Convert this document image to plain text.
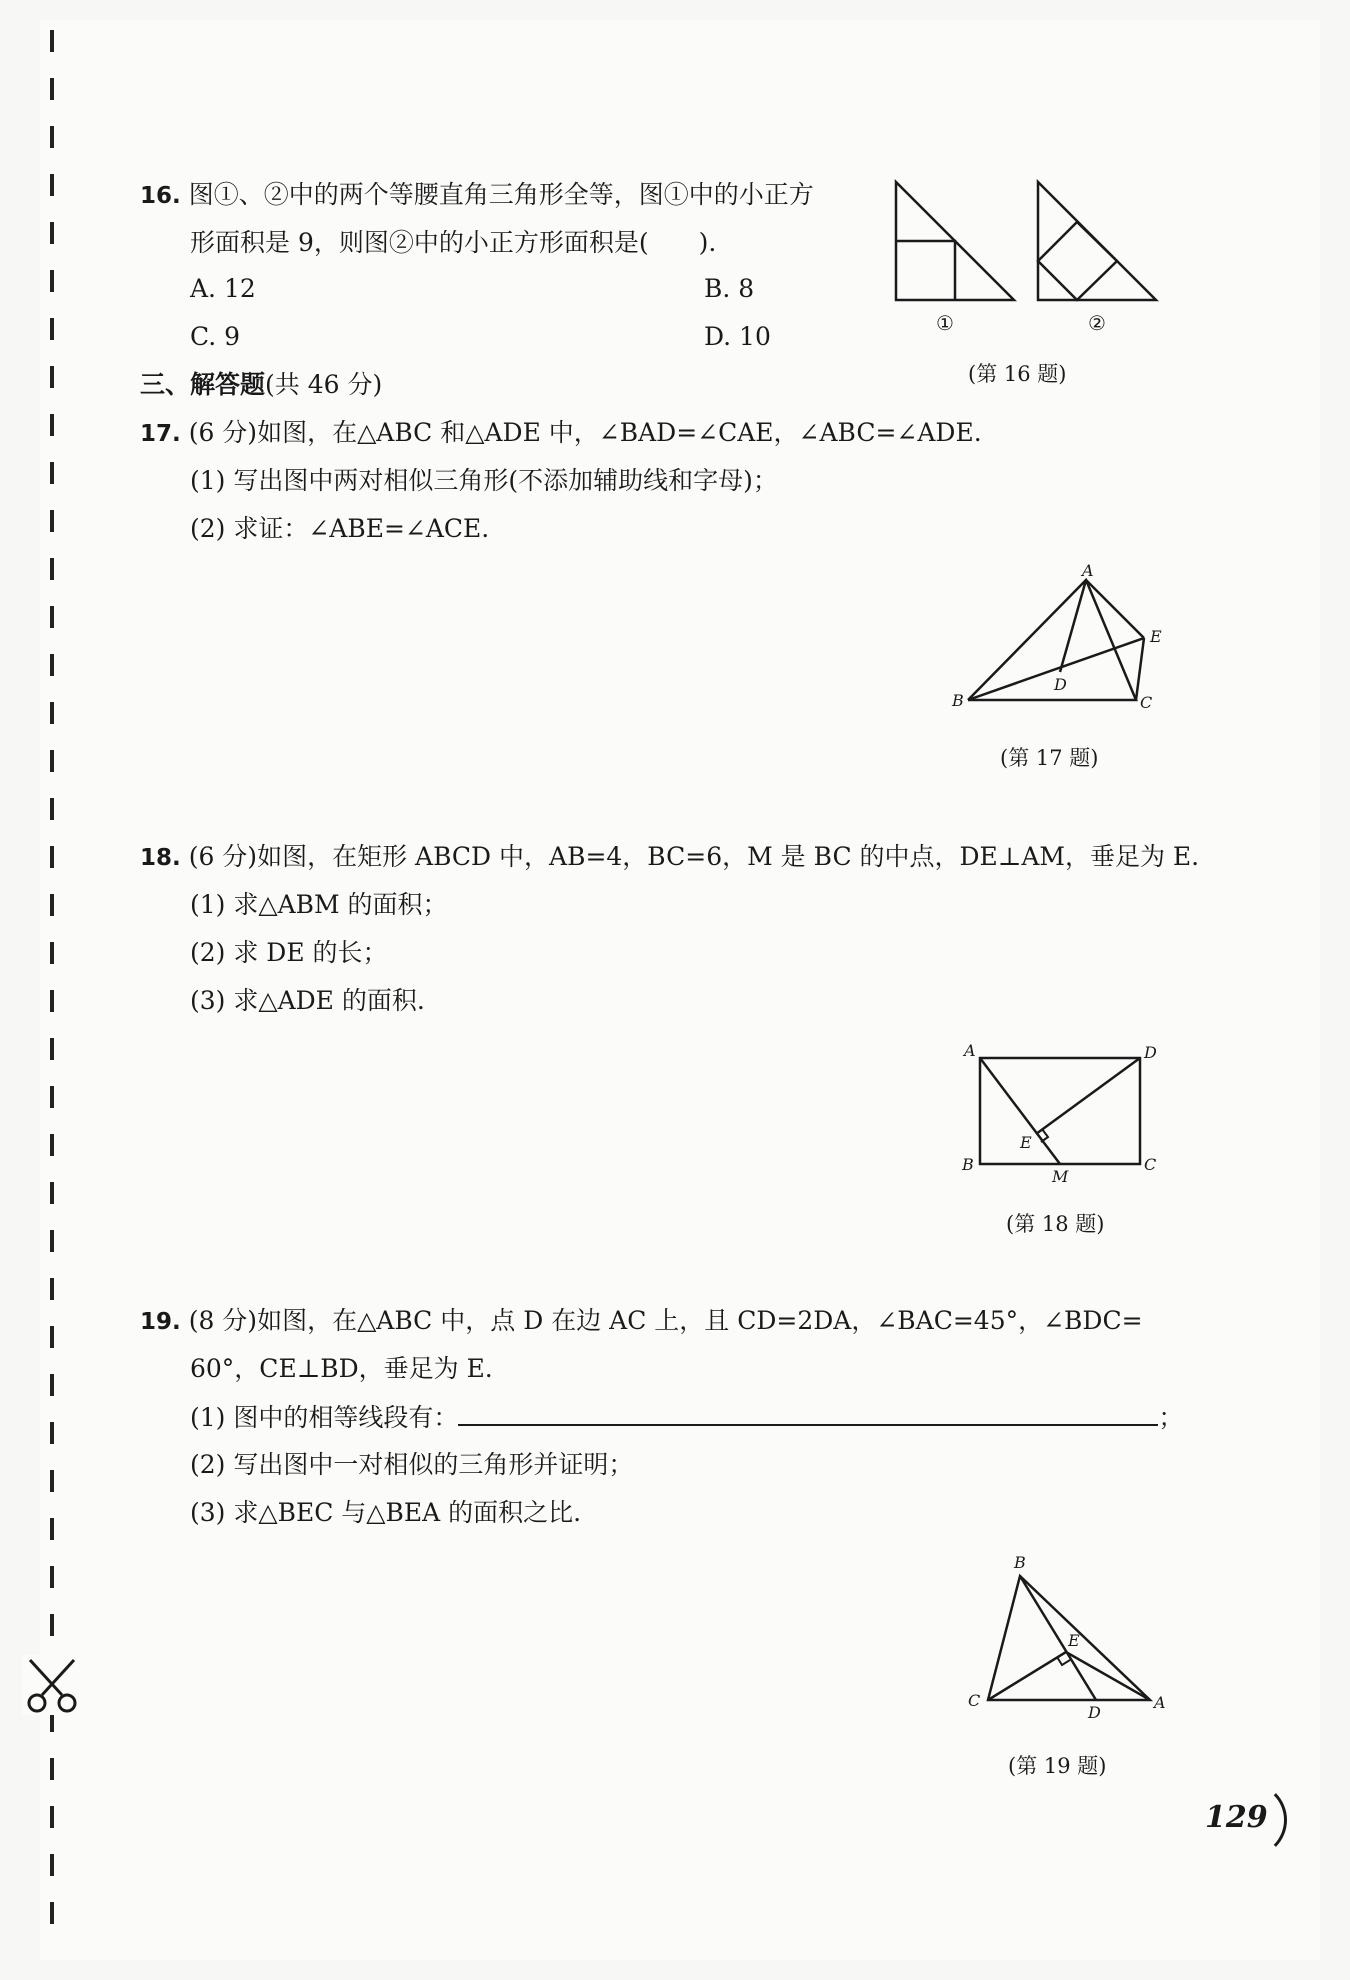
16. 图①、②中的两个等腰直角三角形全等，图①中的小正方
形面积是 9，则图②中的小正方形面积是(　　).
A. 12	B. 8
C. 9	D. 10	①	②
(第 16 题)
三、解答题(共 46 分)
17. (6 分)如图，在△ABC 和△ADE 中，∠BAD=∠CAE，∠ABC=∠ADE.
(1) 写出图中两对相似三角形(不添加辅助线和字母)；
(2) 求证：∠ABE=∠ACE.
A
B	C
D
E
(第 17 题)
18. (6 分)如图，在矩形 ABCD 中，AB=4，BC=6，M 是 BC 的中点，DE⊥AM，垂足为 E.
(1) 求△ABM 的面积；
(2) 求 DE 的长；
(3) 求△ADE 的面积.
A
B	C
D
E
M
(第 18 题)
19. (8 分)如图，在△ABC 中，点 D 在边 AC 上，且 CD=2DA，∠BAC=45°，∠BDC=
60°，CE⊥BD，垂足为 E.
(1) 图中的相等线段有：	；
(2) 写出图中一对相似的三角形并证明；
(3) 求△BEC 与△BEA 的面积之比.
B
C	A
D
E
(第 19 题)
129
